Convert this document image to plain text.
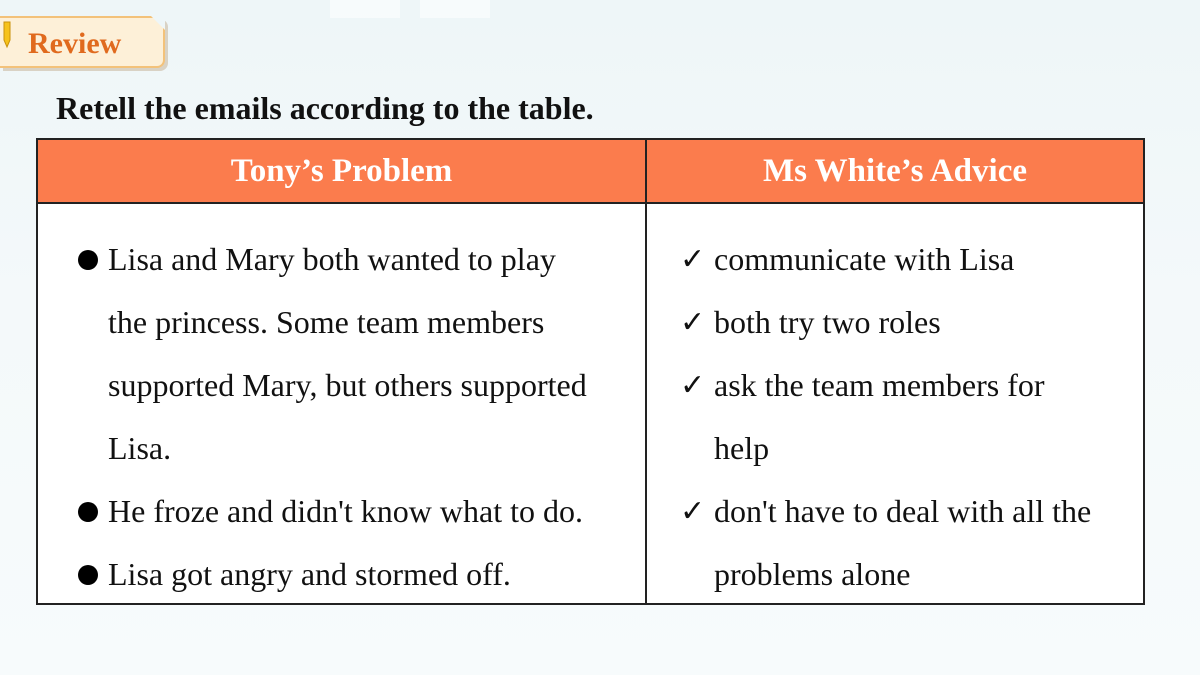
Review
Retell the emails according to the table.
Tony’s Problem	Ms White’s Advice
Lisa and Mary both wanted to play
the princess. Some team members
supported Mary, but others supported
Lisa.
He froze and didn't know what to do.
Lisa got angry and stormed off.
✓ communicate with Lisa
✓ both try two roles
✓ ask the team members for
help
✓ don't have to deal with all the
problems alone
